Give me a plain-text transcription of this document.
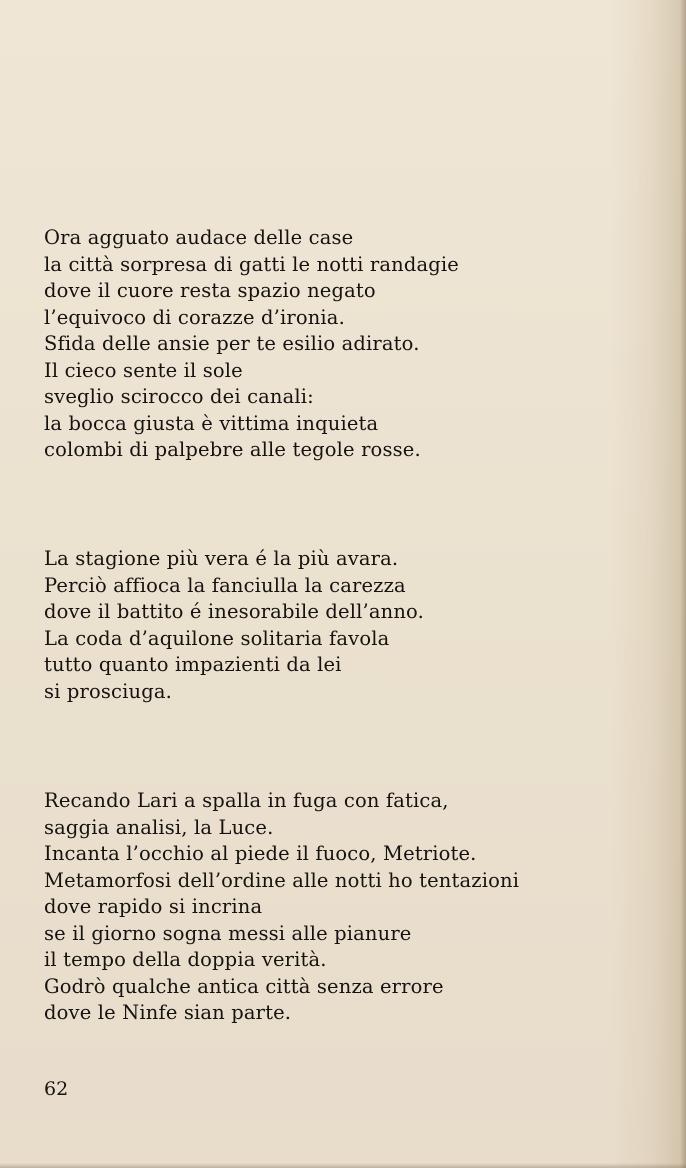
Ora agguato audace delle case
la città sorpresa di gatti le notti randagie
dove il cuore resta spazio negato
l’equivoco di corazze d’ironia.
Sfida delle ansie per te esilio adirato.
Il cieco sente il sole
sveglio scirocco dei canali:
la bocca giusta è vittima inquieta
colombi di palpebre alle tegole rosse.
La stagione più vera é la più avara.
Perciò affioca la fanciulla la carezza
dove il battito é inesorabile dell’anno.
La coda d’aquilone solitaria favola
tutto quanto impazienti da lei
si prosciuga.
Recando Lari a spalla in fuga con fatica,
saggia analisi, la Luce.
Incanta l’occhio al piede il fuoco, Metriote.
Metamorfosi dell’ordine alle notti ho tentazioni
dove rapido si incrina
se il giorno sogna messi alle pianure
il tempo della doppia verità.
Godrò qualche antica città senza errore
dove le Ninfe sian parte.
62
